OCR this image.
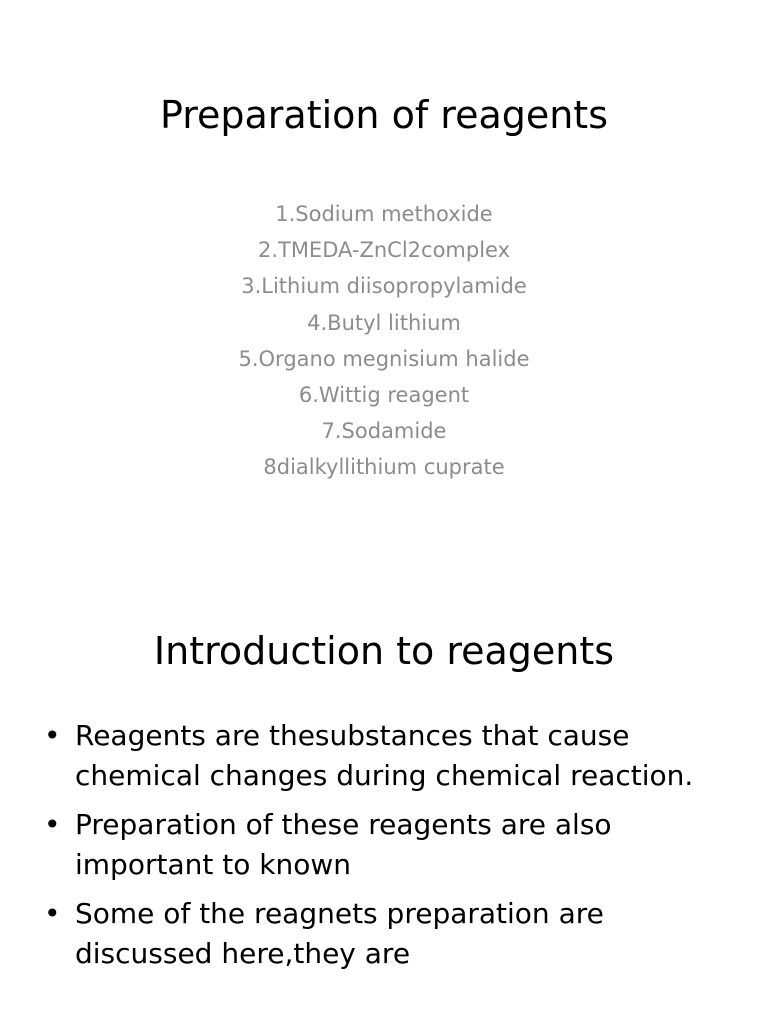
Preparation of reagents
1.Sodium methoxide
2.TMEDA-ZnCl2complex
3.Lithium diisopropylamide
4.Butyl lithium
5.Organo megnisium halide
6.Wittig reagent
7.Sodamide
8dialkyllithium cuprate
Introduction to reagents
• Reagents are thesubstances that cause chemical changes during chemical reaction.
• Preparation of these reagents are also important to known
• Some of the reagnets preparation are discussed here,they are
